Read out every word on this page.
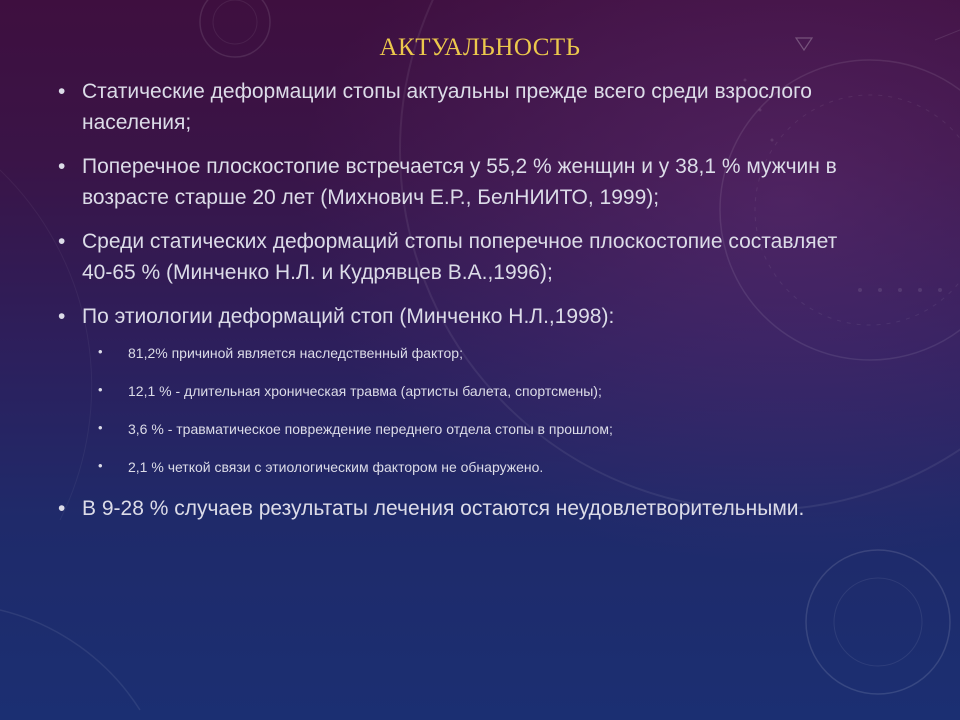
АКТУАЛЬНОСТЬ
• Статические деформации стопы актуальны прежде всего среди взрослого населения;
• Поперечное плоскостопие встречается у 55,2 % женщин и у 38,1 % мужчин в возрасте старше 20 лет (Михнович Е.Р., БелНИИТО, 1999);
• Среди статических деформаций стопы поперечное плоскостопие составляет 40-65 % (Минченко Н.Л. и Кудрявцев В.А.,1996);
• По этиологии деформаций стоп (Минченко Н.Л.,1998):
• 81,2% причиной является наследственный фактор;
• 12,1 % - длительная хроническая травма (артисты балета, спортсмены);
• 3,6 % - травматическое повреждение переднего отдела стопы в прошлом;
• 2,1 % четкой связи с этиологическим фактором не обнаружено.
• В 9-28 % случаев результаты лечения остаются неудовлетворительными.
